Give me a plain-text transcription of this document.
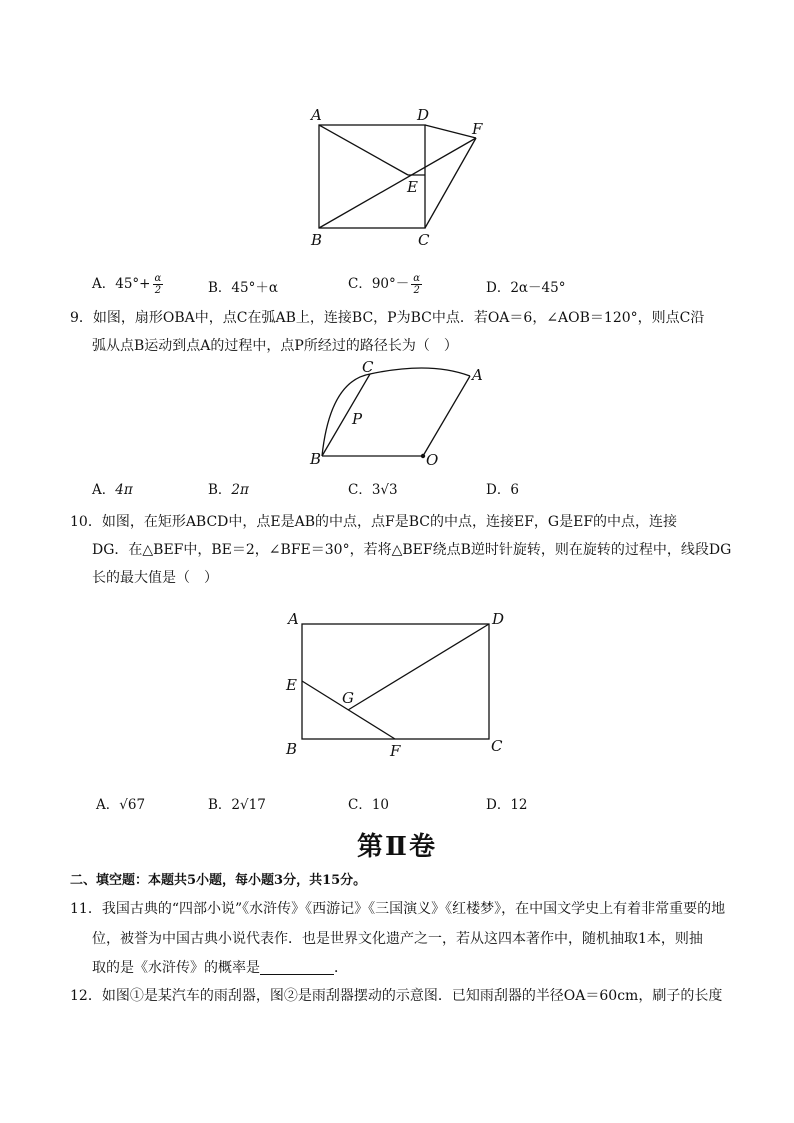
A	D
F
E
B	C
A．$45^\circ+ \frac{\alpha}{2}$	B．45°＋α	C．$90^\circ- \frac{\alpha}{2}$	D．2α－45°
9．如图，扇形OBA中，点C在弧AB上，连接BC，P为BC中点．若OA＝6，∠AOB＝120°，则点C沿
弧从点B运动到点A的过程中，点P所经过的路径长为（　）
C	A
P
B	O
A．4π	B．2π	C．3√3	D．6
10．如图，在矩形ABCD中，点E是AB的中点，点F是BC的中点，连接EF，G是EF的中点，连接
DG．在△BEF中，BE＝2，∠BFE＝30°，若将△BEF绕点B逆时针旋转，则在旋转的过程中，线段DG
长的最大值是（　）
A	D
E
G
B	F	C
A．√67	B．2√17	C．10	D．12
第Ⅱ卷
二、填空题：本题共5小题，每小题3分，共15分。
11．我国古典的“四部小说”《水浒传》《西游记》《三国演义》《红楼梦》，在中国文学史上有着非常重要的地
位，被誉为中国古典小说代表作．也是世界文化遗产之一，若从这四本著作中，随机抽取1本，则抽
取的是《水浒传》的概率是	．
12．如图①是某汽车的雨刮器，图②是雨刮器摆动的示意图．已知雨刮器的半径OA＝60cm，刷子的长度
